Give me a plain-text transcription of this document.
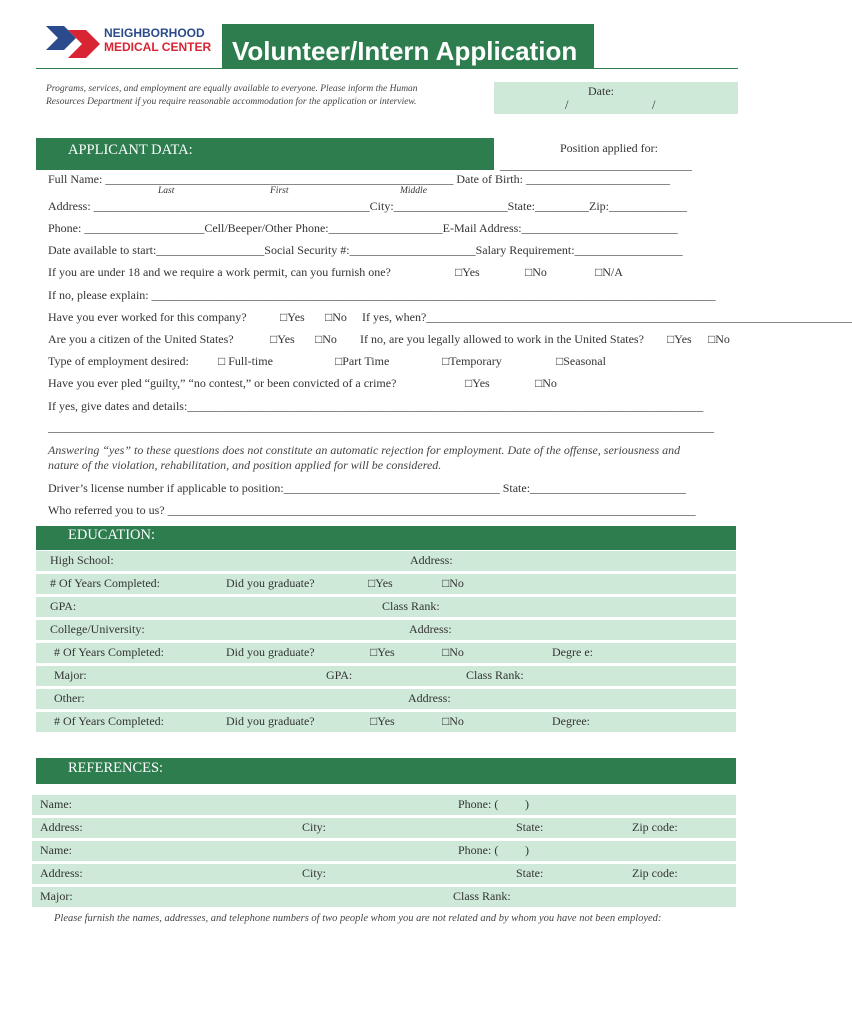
NEIGHBORHOOD
MEDICAL CENTER Volunteer/Intern Application
Programs, services, and employment are equally available to everyone. Please inform the Human
Resources Department if you require reasonable accommodation for the application or interview.
Date:
/	/
APPLICANT DATA:	Position applied for:
________________________________
Full Name: __________________________________________________________ Date of Birth: ________________________
Last	First	Middle
Address: ______________________________________________City:___________________State:_________Zip:_____________
Phone: ____________________Cell/Beeper/Other Phone:___________________E-Mail Address:__________________________
Date available to start:__________________Social Security #:_____________________Salary Requirement:__________________
If you are under 18 and we require a work permit, can you furnish one?	□Yes	□No	□N/A
If no, please explain: ______________________________________________________________________________________________
Have you ever worked for this company?	□Yes □No If yes, when?_______________________________________________________________________
Are you a citizen of the United States?	□Yes □No If no, are you legally allowed to work in the United States? □Yes □No
Type of employment desired: □ Full-time	□Part Time	□Temporary	□Seasonal
Have you ever pled “guilty,” “no contest,” or been convicted of a crime?	□Yes	□No
If yes, give dates and details:______________________________________________________________________________________
_______________________________________________________________________________________________________________
Answering “yes” to these questions does not constitute an automatic rejection for employment. Date of the offense, seriousness and
nature of the violation, rehabilitation, and position applied for will be considered.
Driver’s license number if applicable to position:____________________________________ State:__________________________
Who referred you to us? ________________________________________________________________________________________
EDUCATION:
High School:	Address:
# Of Years Completed:	Did you graduate?	□Yes	□No
GPA:	Class Rank:
College/University:	Address:
# Of Years Completed:	Did you graduate?	□Yes	□No	Degre e:
Major:	GPA:	Class Rank:
Other:	Address:
# Of Years Completed:	Did you graduate?	□Yes	□No	Degree:
REFERENCES:
Name:	Phone: ( )
Address:	City:	State:	Zip code:
Name:	Phone: ( )
Address:	City:	State:	Zip code:
Major:	Class Rank:
Please furnish the names, addresses, and telephone numbers of two people whom you are not related and by whom you have not been employed:
